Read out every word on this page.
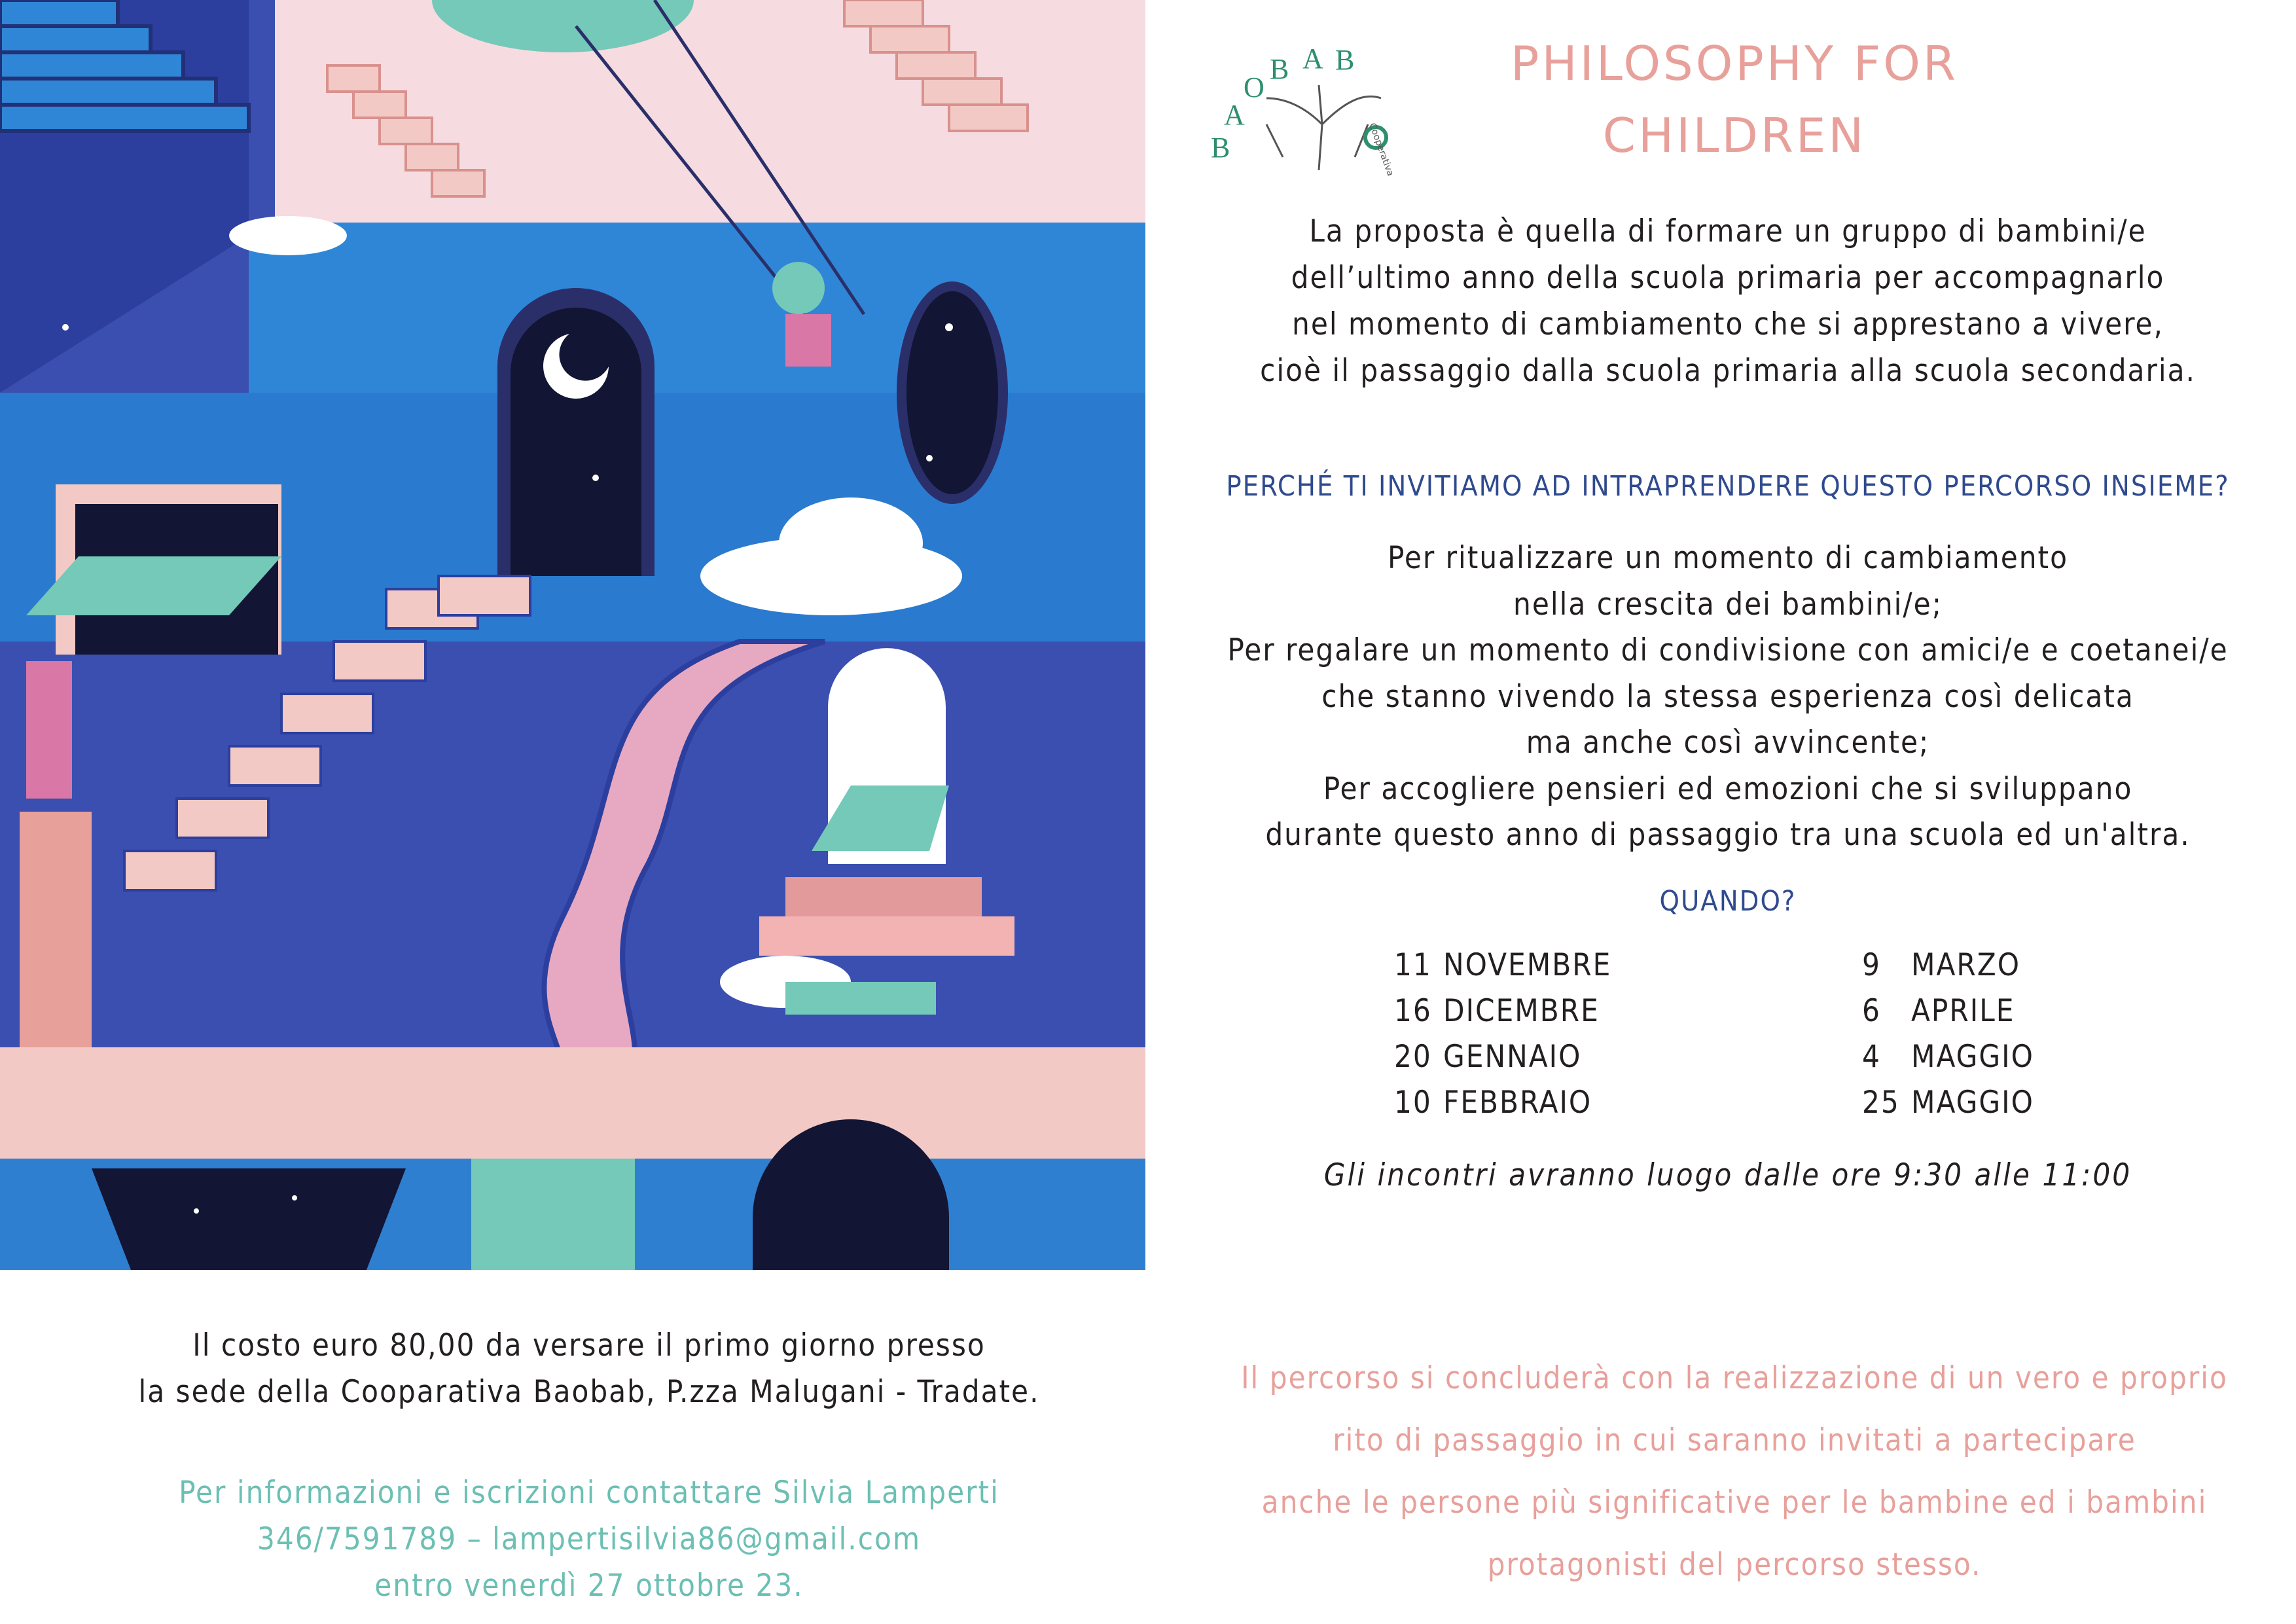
B
A
O
B A B
Cooperativa Sociale
PHILOSOPHY FOR
CHILDREN
La proposta è quella di formare un gruppo di bambini/e
dell’ultimo anno della scuola primaria per accompagnarlo
nel momento di cambiamento che si apprestano a vivere,
cioè il passaggio dalla scuola primaria alla scuola secondaria.
PERCHÉ TI INVITIAMO AD INTRAPRENDERE QUESTO PERCORSO INSIEME?
Per ritualizzare un momento di cambiamento
nella crescita dei bambini/e;
Per regalare un momento di condivisione con amici/e e coetanei/e
che stanno vivendo la stessa esperienza così delicata
ma anche così avvincente;
Per accogliere pensieri ed emozioni che si sviluppano
durante questo anno di passaggio tra una scuola ed un'altra.
QUANDO?
11 NOVEMBRE
16 DICEMBRE
20 GENNAIO
10 FEBBRAIO
9 MARZO
6 APRILE
4 MAGGIO
25 MAGGIO
Gli incontri avranno luogo dalle ore 9:30 alle 11:00
Il costo euro 80,00 da versare il primo giorno presso
la sede della Cooparativa Baobab, P.zza Malugani - Tradate.
Per informazioni e iscrizioni contattare Silvia Lamperti
346/7591789 – lampertisilvia86@gmail.com
entro venerdì 27 ottobre 23.
Il percorso si concluderà con la realizzazione di un vero e proprio
rito di passaggio in cui saranno invitati a partecipare
anche le persone più significative per le bambine ed i bambini
protagonisti del percorso stesso.
